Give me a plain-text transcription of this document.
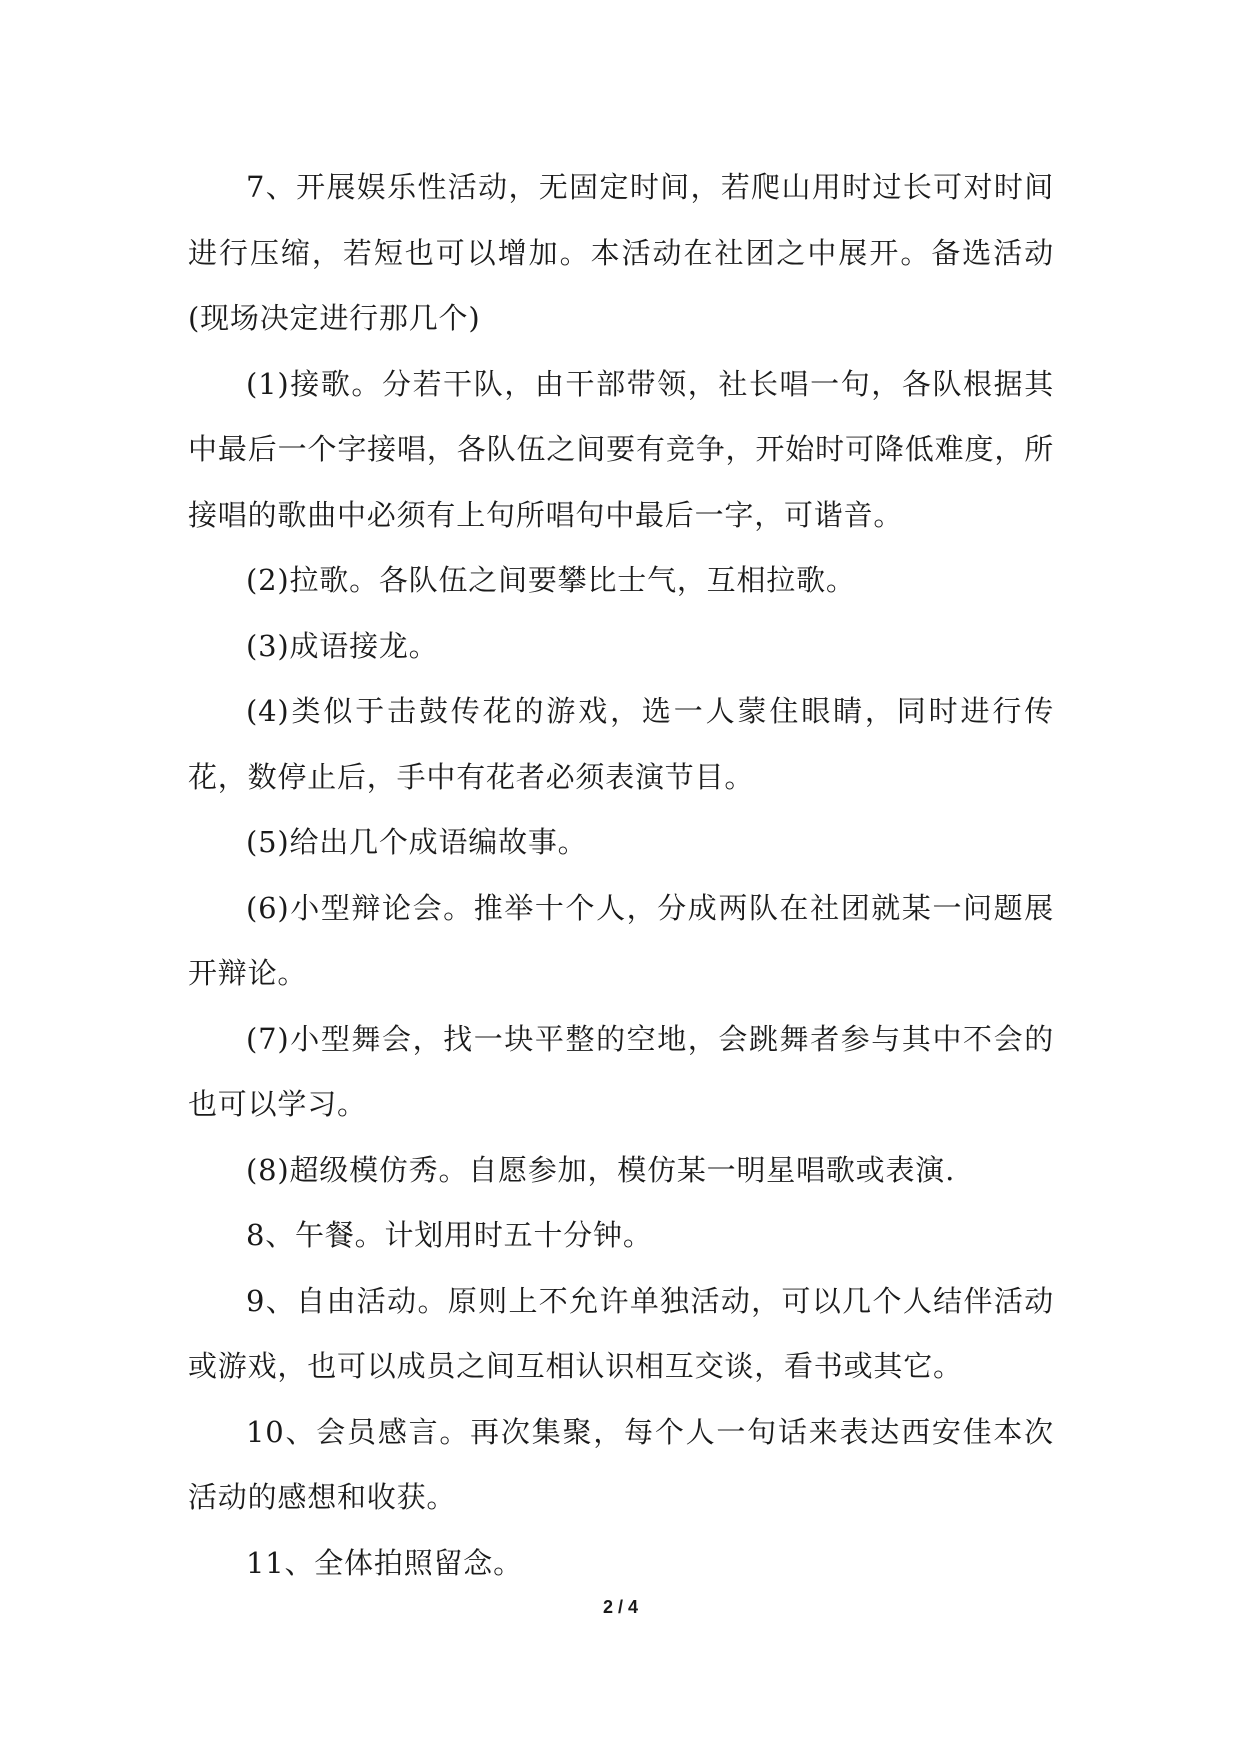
7、开展娱乐性活动，无固定时间，若爬山用时过长可对时间进行压缩，若短也可以增加。本活动在社团之中展开。备选活动(现场决定进行那几个)

(1)接歌。分若干队，由干部带领，社长唱一句，各队根据其中最后一个字接唱，各队伍之间要有竞争，开始时可降低难度，所接唱的歌曲中必须有上句所唱句中最后一字，可谐音。

(2)拉歌。各队伍之间要攀比士气，互相拉歌。

(3)成语接龙。

(4)类似于击鼓传花的游戏，选一人蒙住眼睛，同时进行传花，数停止后，手中有花者必须表演节目。

(5)给出几个成语编故事。

(6)小型辩论会。推举十个人，分成两队在社团就某一问题展开辩论。

(7)小型舞会，找一块平整的空地，会跳舞者参与其中不会的也可以学习。

(8)超级模仿秀。自愿参加，模仿某一明星唱歌或表演.

8、午餐。计划用时五十分钟。

9、自由活动。原则上不允许单独活动，可以几个人结伴活动或游戏，也可以成员之间互相认识相互交谈，看书或其它。

10、会员感言。再次集聚，每个人一句话来表达西安佳本次活动的感想和收获。

11、全体拍照留念。

2 / 4
